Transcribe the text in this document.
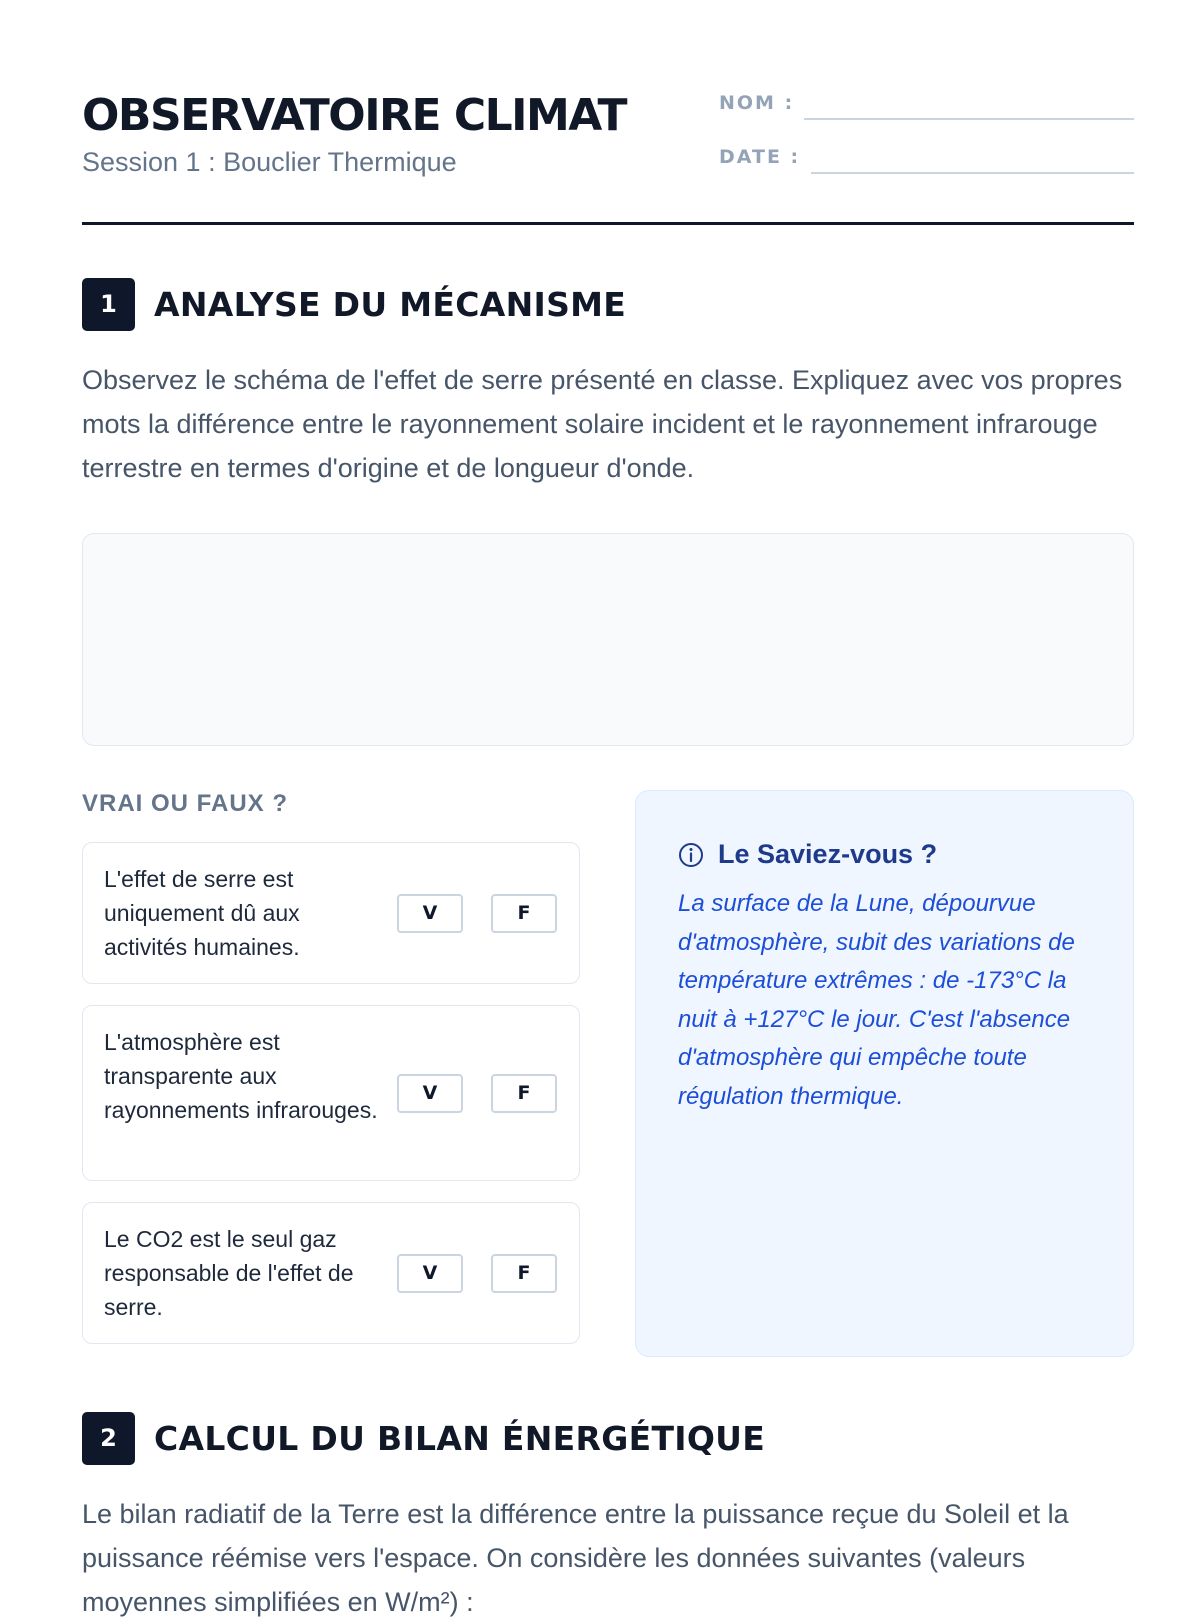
OBSERVATOIRE CLIMAT
Session 1 : Bouclier Thermique
NOM :
DATE :
1	ANALYSE DU MÉCANISME
Observez le schéma de l'effet de serre présenté en classe. Expliquez avec vos propres mots la différence entre le rayonnement solaire incident et le rayonnement infrarouge terrestre en termes d'origine et de longueur d'onde.
VRAI OU FAUX ?
L'effet de serre est uniquement dû aux activités humaines.
V	F
L'atmosphère est transparente aux rayonnements infrarouges.
V	F
Le CO2 est le seul gaz responsable de l'effet de serre.
V	F
Le Saviez-vous ?
La surface de la Lune, dépourvue d'atmosphère, subit des variations de température extrêmes : de -173°C la nuit à +127°C le jour. C'est l'absence d'atmosphère qui empêche toute régulation thermique.
2	CALCUL DU BILAN ÉNERGÉTIQUE
Le bilan radiatif de la Terre est la différence entre la puissance reçue du Soleil et la puissance réémise vers l'espace. On considère les données suivantes (valeurs moyennes simplifiées en W/m²) :
